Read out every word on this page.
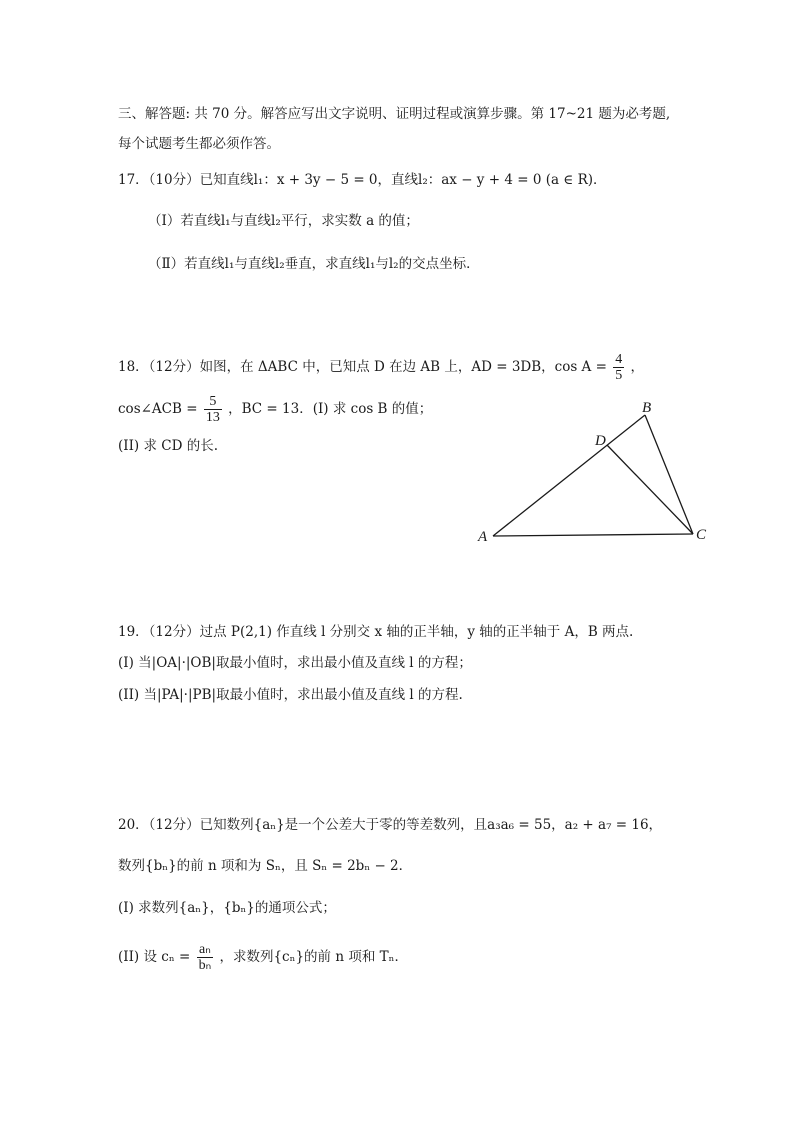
三、解答题: 共 70 分。解答应写出文字说明、证明过程或演算步骤。第 17~21 题为必考题,
每个试题考生都必须作答。
17．（10分）已知直线l₁：x + 3y − 5 = 0，直线l₂：ax − y + 4 = 0 (a ∈ R)．
（Ⅰ）若直线l₁与直线l₂平行，求实数 a 的值；
（Ⅱ）若直线l₁与直线l₂垂直，求直线l₁与l₂的交点坐标．
18．（12分）如图，在 ΔABC 中，已知点 D 在边 AB 上，AD = 3DB，$\cos A = \frac{4}{5}$ ，
cos∠ACB = $\frac{5}{13}$ ，BC = 13．(I) 求 cos B 的值；
(II) 求 CD 的长.
A
B
C
D
19．（12分）过点 P(2,1) 作直线 l 分别交 x 轴的正半轴，y 轴的正半轴于 A，B 两点.
(I) 当|OA|·|OB|取最小值时，求出最小值及直线 l 的方程；
(II) 当|PA|·|PB|取最小值时，求出最小值及直线 l 的方程.
20．（12分）已知数列{aₙ}是一个公差大于零的等差数列，且a₃a₆ = 55，a₂ + a₇ = 16，
数列{bₙ}的前 n 项和为 Sₙ，且 Sₙ = 2bₙ − 2．
(I) 求数列{aₙ}，{bₙ}的通项公式；
(II) 设 $c_n = \frac{\text{aₙ}}{\text{bₙ}}$ ，求数列{cₙ}的前 n 项和 Tₙ．
